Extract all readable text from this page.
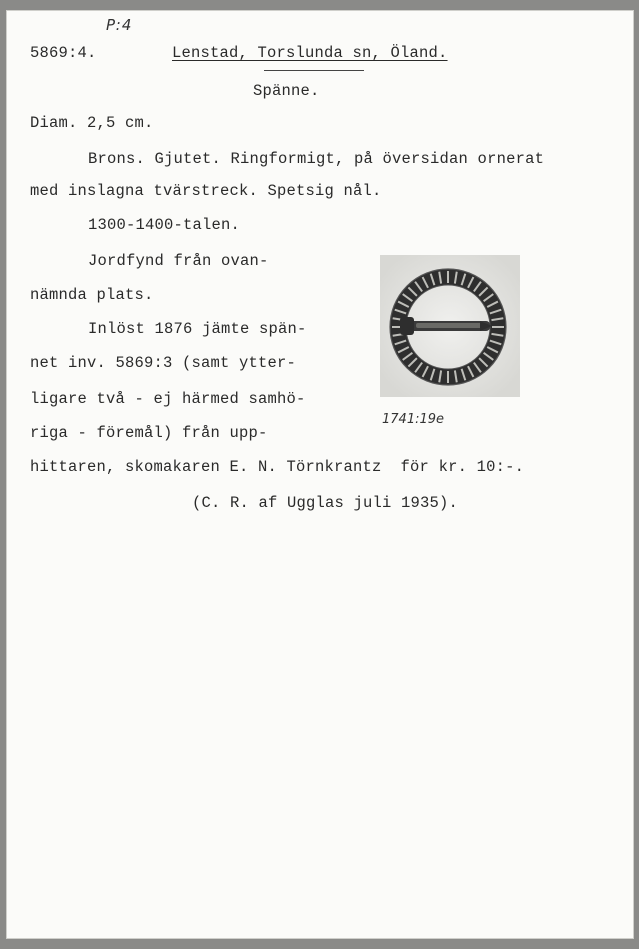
P:4
5869:4.	Lenstad, Torslunda sn, Öland.
Spänne.
Diam. 2,5 cm.
Brons. Gjutet. Ringformigt, på översidan ornerat
med inslagna tvärstreck. Spetsig nål.
1300-1400-talen.
Jordfynd från ovan-
nämnda plats.
Inlöst 1876 jämte spän-
net inv. 5869:3 (samt ytter-
ligare två - ej härmed samhö-
riga - föremål) från upp-
hittaren, skomakaren E. N. Törnkrantz  för kr. 10:-.
(C. R. af Ugglas juli 1935).
1741:19e
